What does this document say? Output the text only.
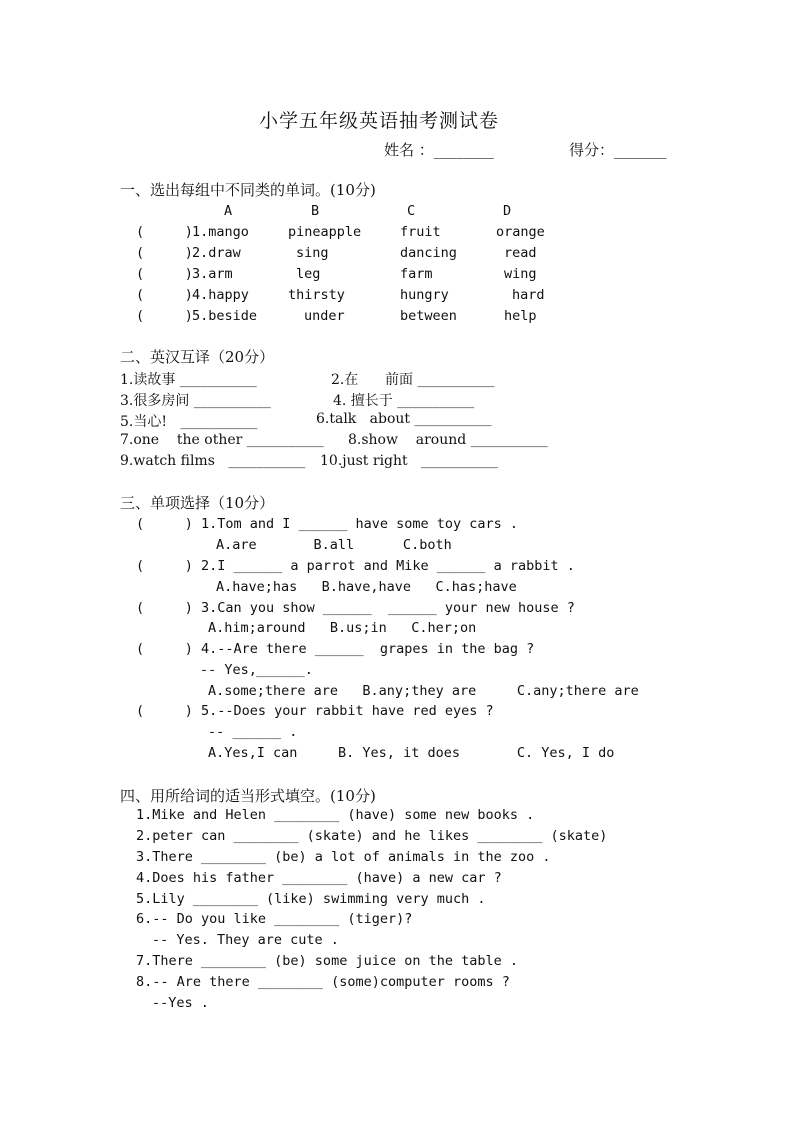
小学五年级英语抽考测试卷
姓名 ：________	得分：_______
一、选出每组中不同类的单词。(10分)
A	B	C	D
(     ) 1.mango	pineapple	fruit	orange
(     ) 2.draw	sing	dancing	read
(     ) 3.arm	leg	farm	wing
(     ) 4.happy	thirsty	hungry	hard
(     ) 5.beside	under	between	help
二、英汉互译（20分）
1.读故事 ___________	2.在      前面 ___________
3.很多房间 ___________	4. 擅长于 ___________
5.当心!   ___________	6.talk   about ___________
7.one    the other ___________ 8.show    around ___________
9.watch films   ___________ 10.just right   ___________
三、单项选择（10分）
(     ) 1.Tom and I ______ have some toy cars .
A.are       B.all      C.both
(     ) 2.I ______ a parrot and Mike ______ a rabbit .
A.have;has   B.have,have   C.has;have
(     ) 3.Can you show ______  ______ your new house ?
A.him;around   B.us;in   C.her;on
(     ) 4.--Are there ______  grapes in the bag ?
-- Yes, ______.
A.some;there are   B.any;they are     C.any;there are
(     ) 5.--Does your rabbit have red eyes ?
-- ______ .
A.Yes,I can     B. Yes, it does       C. Yes, I do
四、用所给词的适当形式填空。(10分)
1.Mike and Helen ________ (have) some new books .
2.peter can ________ (skate) and he likes ________ (skate)
3.There ________ (be) a lot of animals in the zoo .
4.Does his father ________ (have) a new car ?
5.Lily ________ (like) swimming very much .
6.-- Do you like ________ (tiger)?
-- Yes. They are cute .
7.There ________ (be) some juice on the table .
8.-- Are there ________ (some)computer rooms ?
--Yes .
